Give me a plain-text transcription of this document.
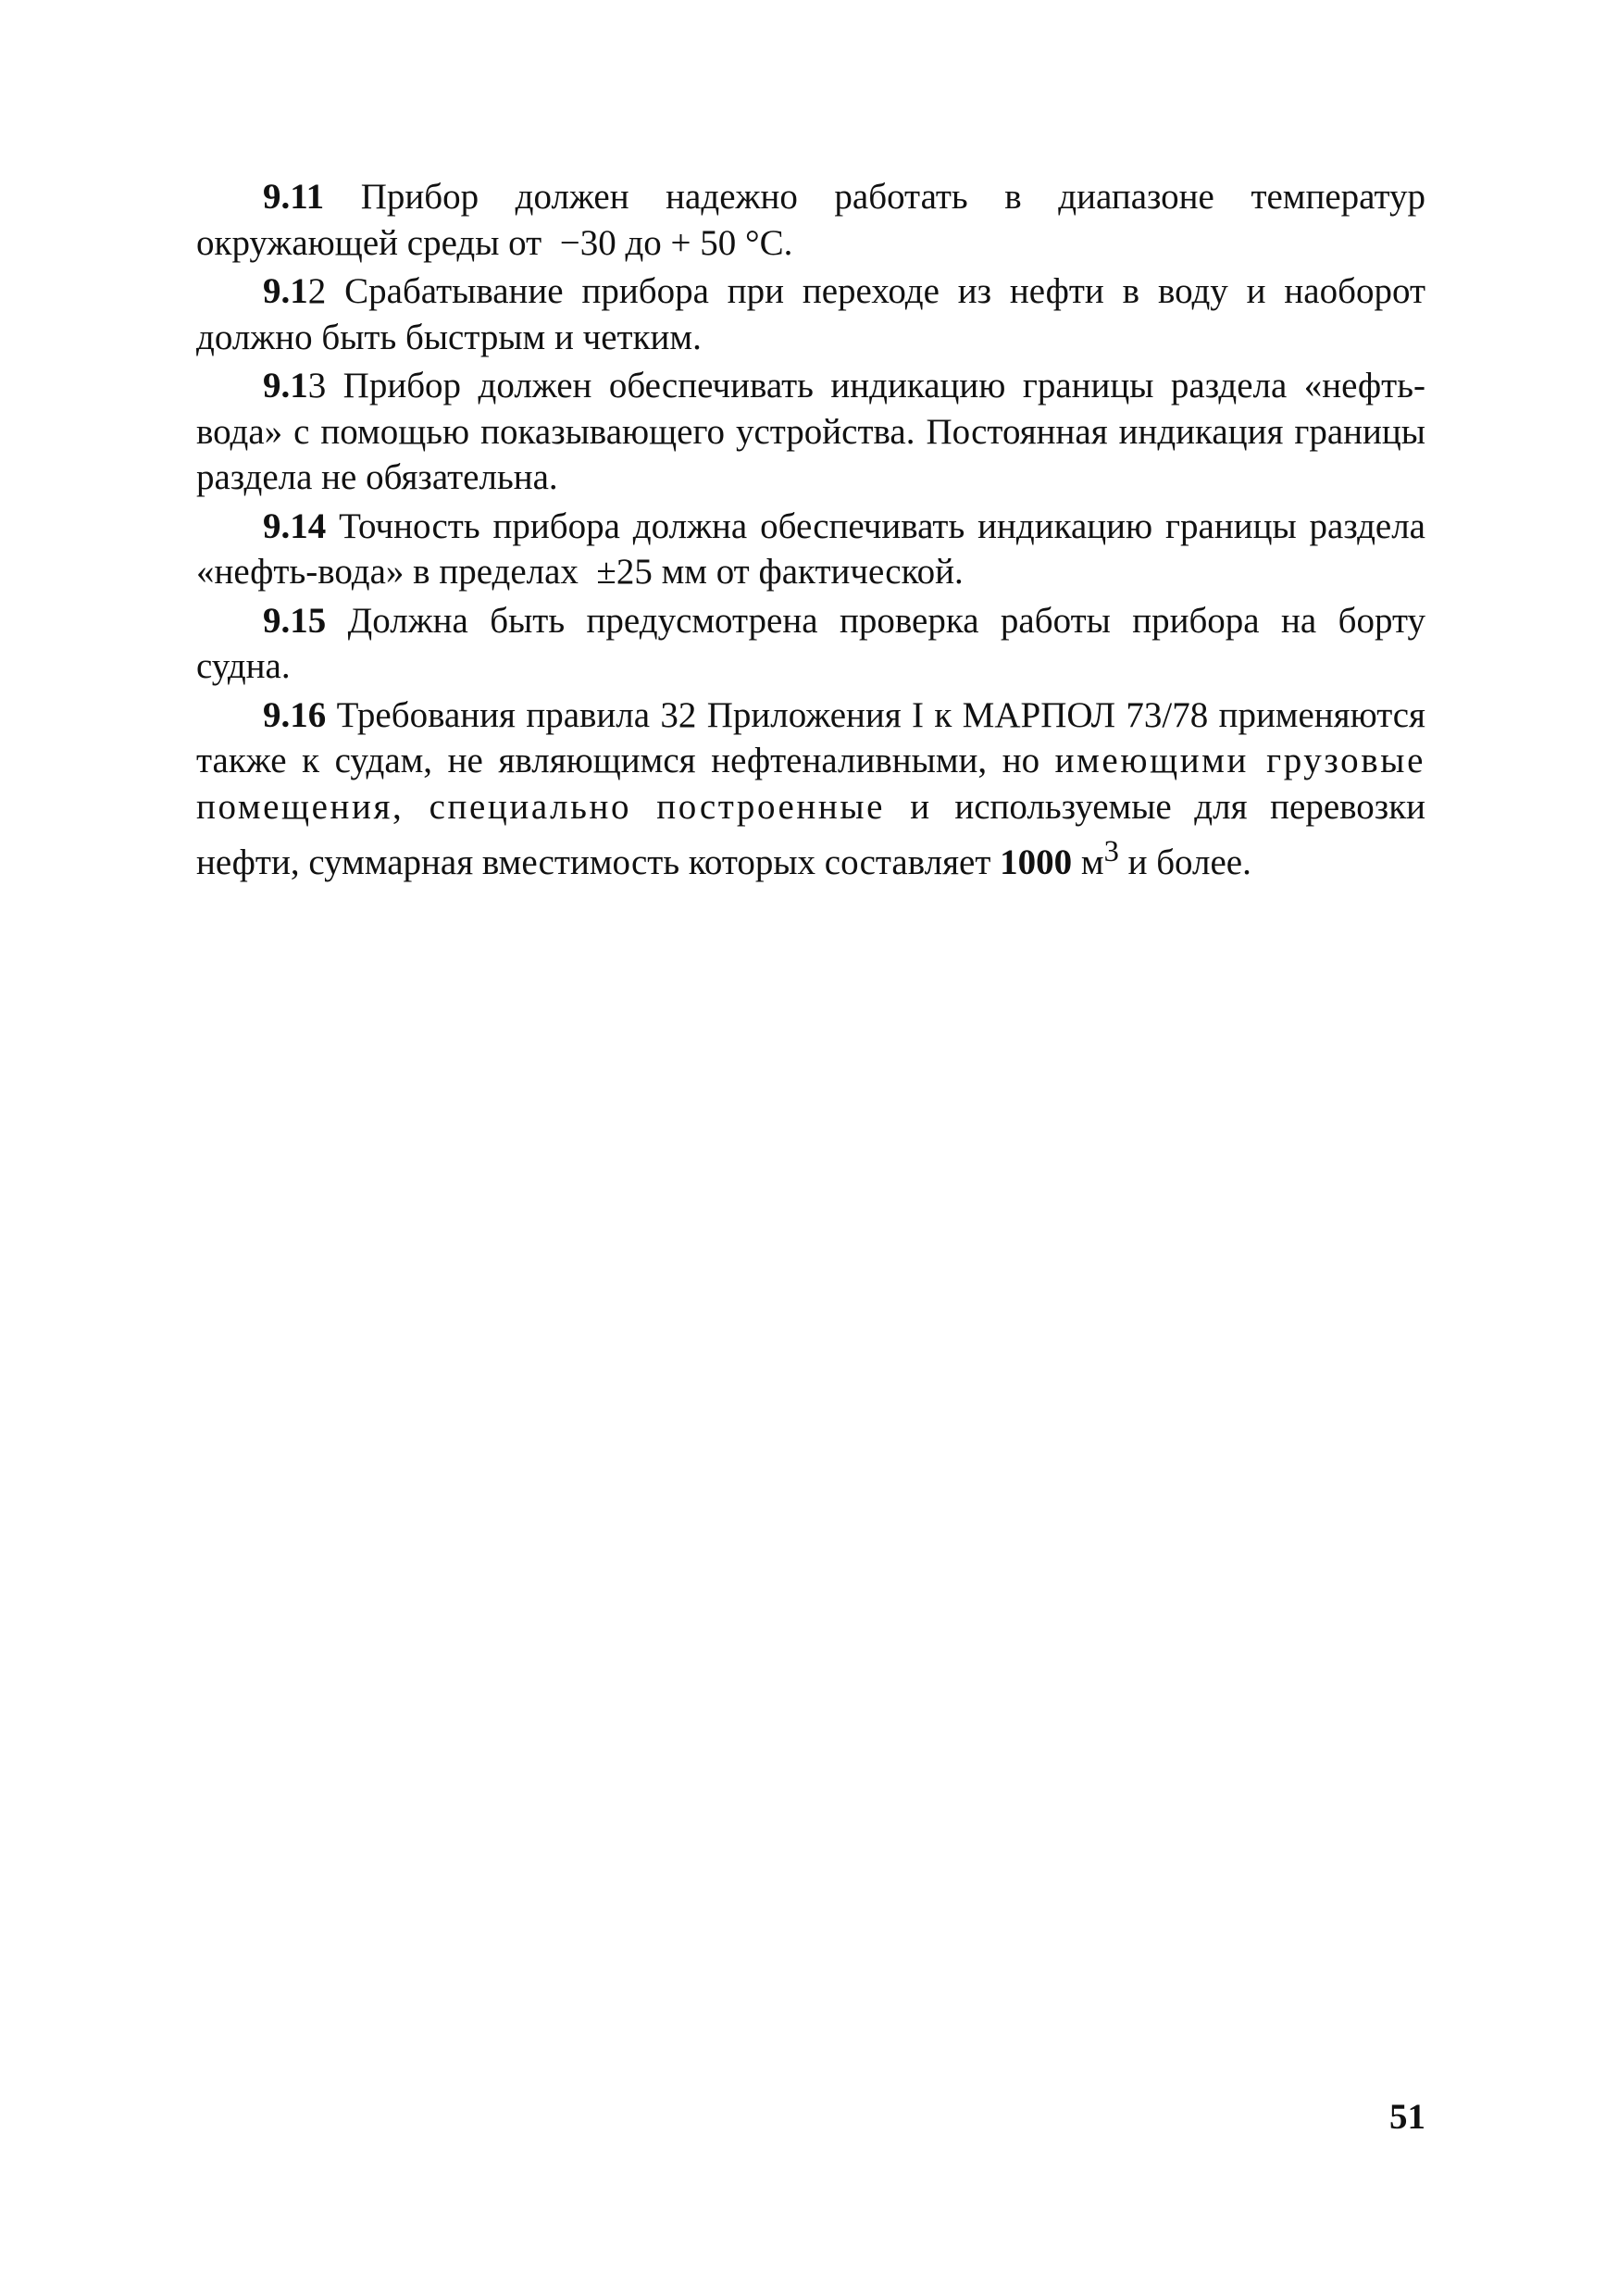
9.11 Прибор должен надежно работать в диапазоне температур окружающей среды от  −30 до + 50 °С.

9.12 Срабатывание прибора при переходе из нефти в воду и наоборот должно быть быстрым и четким.

9.13 Прибор должен обеспечивать индикацию границы раздела «нефть-вода» с помощью показывающего устройства. Постоянная индикация границы раздела не обязательна.

9.14 Точность прибора должна обеспечивать индикацию границы раздела «нефть-вода» в пределах  ±25 мм от фактической.

9.15 Должна быть предусмотрена проверка работы прибора на борту судна.

9.16 Требования правила 32 Приложения I к МАРПОЛ 73/78 применяются также к судам, не являющимся нефтеналивными, но имеющими грузовые помещения, специально построенные и используемые для перевозки нефти, суммарная вместимость которых составляет 1000 $м^3$ и более.

51
